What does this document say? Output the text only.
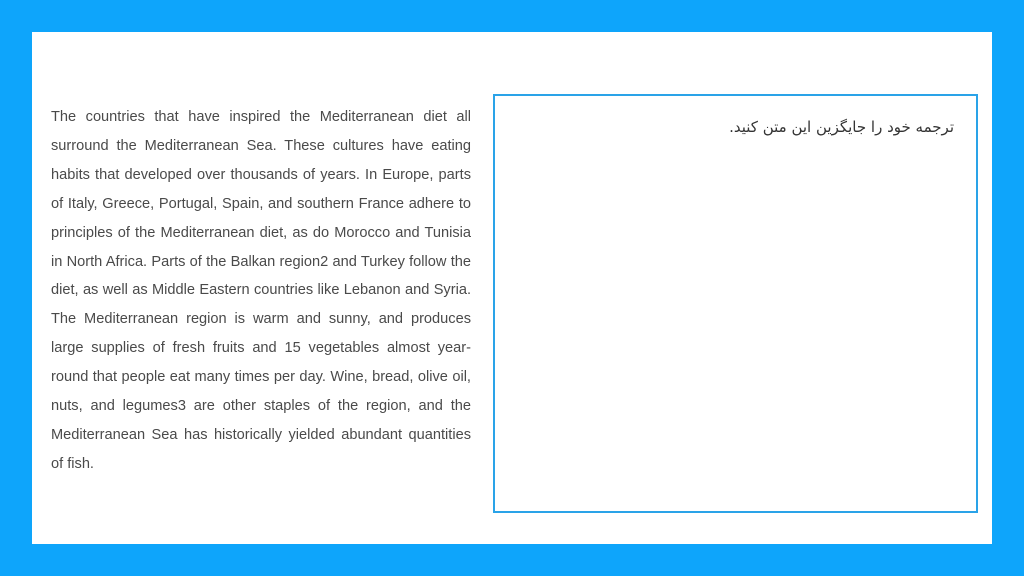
The countries that have inspired the Mediterranean diet all surround the Mediterranean Sea. These cultures have eating habits that developed over thousands of years. In Europe, parts of Italy, Greece, Portugal, Spain, and southern France adhere to principles of the Mediterranean diet, as do Morocco and Tunisia in North Africa. Parts of the Balkan region2 and Turkey follow the diet, as well as Middle Eastern countries like Lebanon and Syria. The Mediterranean region is warm and sunny, and produces large supplies of fresh fruits and 15 vegetables almost year-round that people eat many times per day. Wine, bread, olive oil, nuts, and legumes3 are other staples of the region, and the Mediterranean Sea has historically yielded abundant quantities of fish.

ترجمه خود را جایگزین این متن کنید.
